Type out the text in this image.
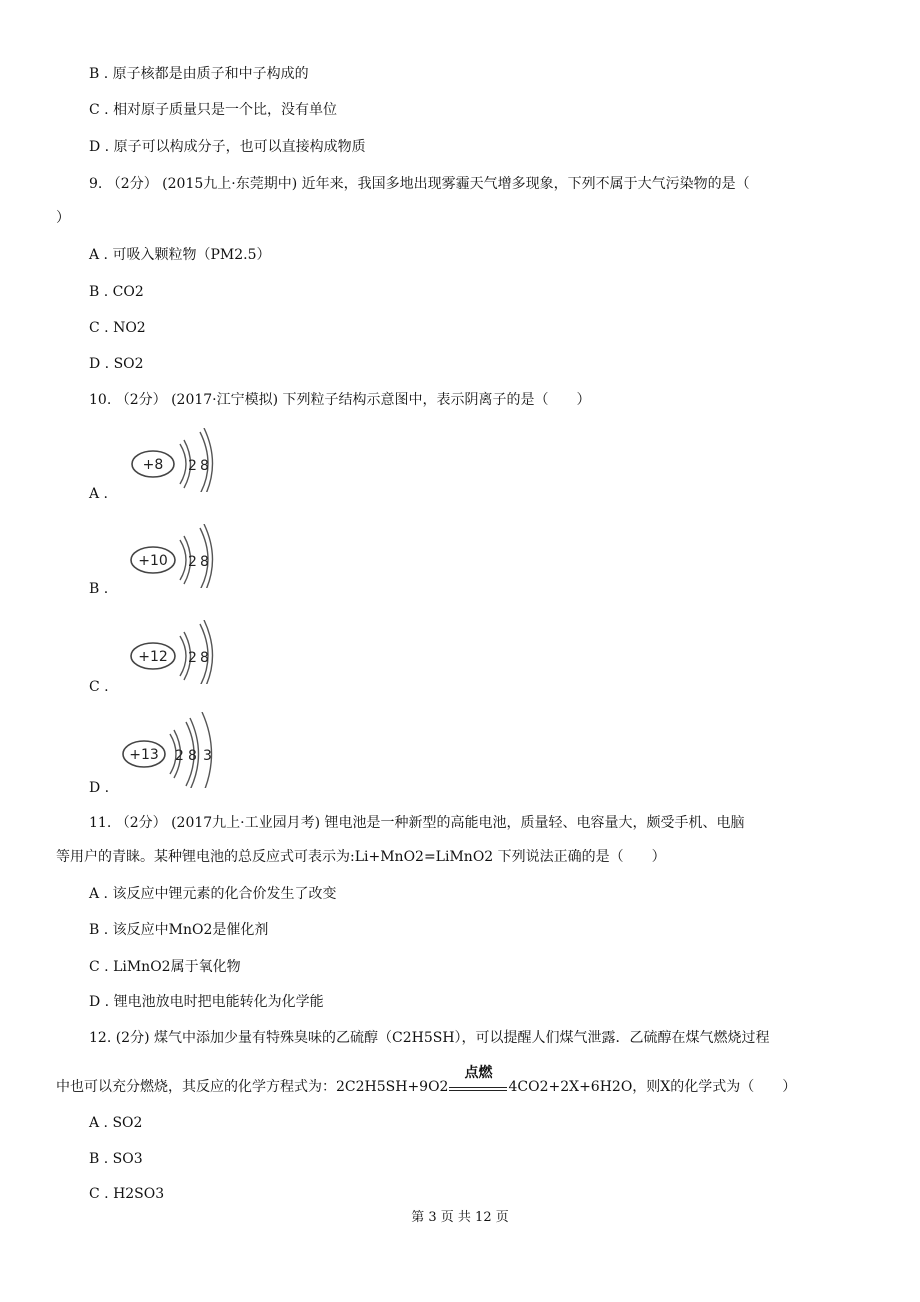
B . 原子核都是由质子和中子构成的
C . 相对原子质量只是一个比，没有单位
D . 原子可以构成分子，也可以直接构成物质
9. （2分） (2015九上·东莞期中) 近年来，我国多地出现雾霾天气增多现象，下列不属于大气污染物的是（
）
A . 可吸入颗粒物（PM2.5）
B . CO2
C . NO2
D . SO2
10. （2分） (2017·江宁模拟) 下列粒子结构示意图中，表示阴离子的是（　　）
+8 2 8
A .
+10 2 8
B .
+12 2 8
C .
+13 2 8 3
D .
11. （2分） (2017九上·工业园月考) 锂电池是一种新型的高能电池，质量轻、电容量大，颇受手机、电脑
等用户的青睐。某种锂电池的总反应式可表示为:Li+MnO2=LiMnO2 下列说法正确的是（　　）
A . 该反应中锂元素的化合价发生了改变
B . 该反应中MnO2是催化剂
C . LiMnO2属于氧化物
D . 锂电池放电时把电能转化为化学能
12. (2分) 煤气中添加少量有特殊臭味的乙硫醇（C2H5SH），可以提醒人们煤气泄露．乙硫醇在煤气燃烧过程
中也可以充分燃烧，其反应的化学方程式为：2C2H5SH+9O2
点燃
4CO2+2X+6H2O，则X的化学式为（　　）
A . SO2
B . SO3
C . H2SO3
第 3 页 共 12 页
